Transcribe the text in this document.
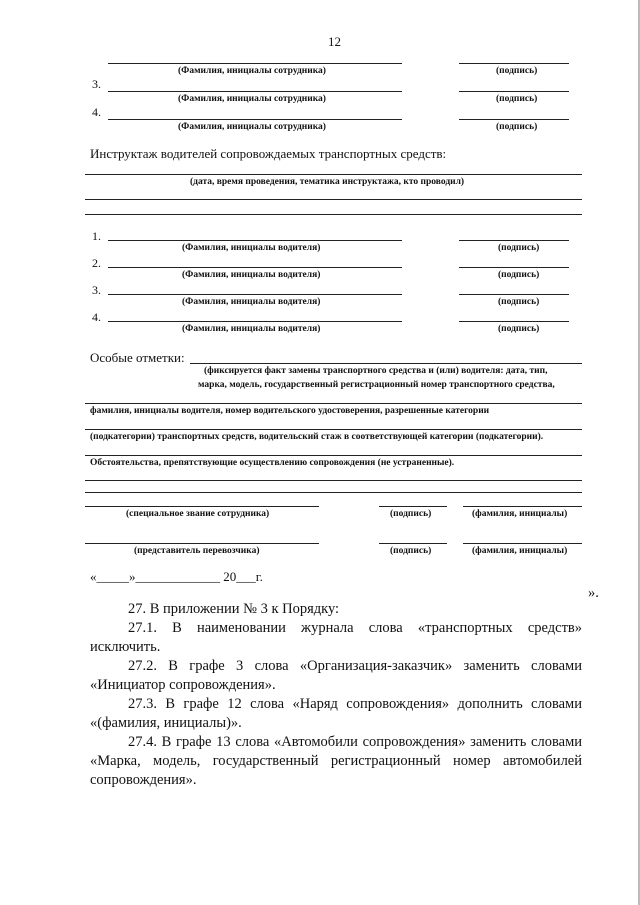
12
(Фамилия, инициалы сотрудника)	(подпись)
3.
(Фамилия, инициалы сотрудника)	(подпись)
4.
(Фамилия, инициалы сотрудника)	(подпись)
Инструктаж водителей сопровождаемых транспортных средств:
(дата, время проведения, тематика инструктажа, кто проводил)
1.
(Фамилия, инициалы водителя)	(подпись)
2.
(Фамилия, инициалы водителя)	(подпись)
3.
(Фамилия, инициалы водителя)	(подпись)
4.
(Фамилия, инициалы водителя)	(подпись)
Особые отметки:
(фиксируется факт замены транспортного средства и (или) водителя: дата, тип,
марка, модель, государственный регистрационный номер транспортного средства,
фамилия, инициалы водителя, номер водительского удостоверения, разрешенные категории
(подкатегории) транспортных средств, водительский стаж в соответствующей категории (подкатегории).
Обстоятельства, препятствующие осуществлению сопровождения (не устраненные).
(специальное звание сотрудника)	(подпись)	(фамилия, инициалы)
(представитель перевозчика)	(подпись)	(фамилия, инициалы)
«_____»_____________ 20___г.
».

27. В приложении № 3 к Порядку:

27.1. В наименовании журнала слова «транспортных средств» исключить.

27.2. В графе 3 слова «Организация-заказчик» заменить словами «Инициатор сопровождения».

27.3. В графе 12 слова «Наряд сопровождения» дополнить словами «(фамилия, инициалы)».

27.4. В графе 13 слова «Автомобили сопровождения» заменить словами «Марка, модель, государственный регистрационный номер автомобилей сопровождения».
